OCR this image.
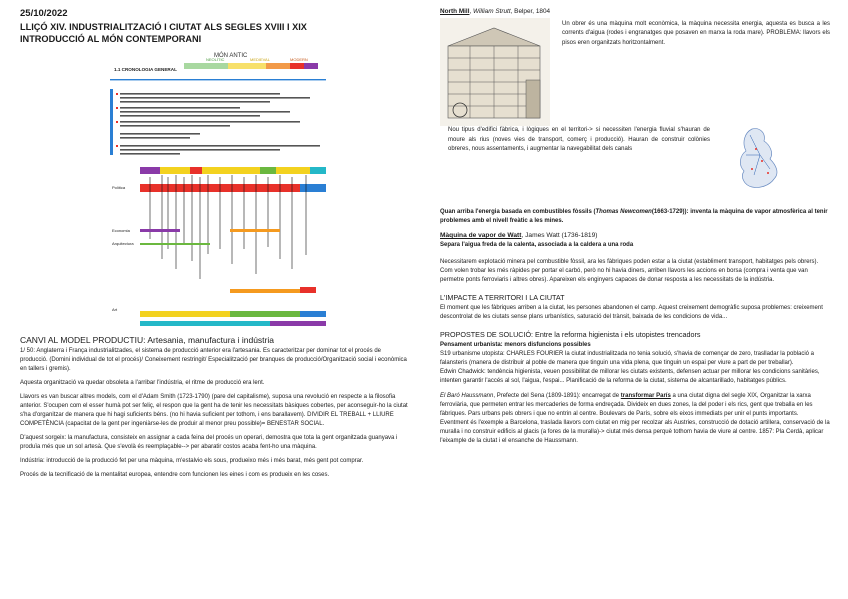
25/10/2022
LLIÇÓ XIV. INDUSTRIALITZACIÓ I CIUTAT ALS SEGLES XVIII I XIX
INTRODUCCIÓ AL MÓN CONTEMPORANI
MÓN ANTIC
NEOLÍTIC	MEDIEVAL	MODERN
1.1 CRONOLOGIA GENERAL
Política
Economia
Arquitectura
Art
CANVI AL MODEL PRODUCTIU: Artesania, manufactura i indústria

1/ 50: Anglaterra i França industrialitzades, el sistema de producció anterior era l'artesania. Es caracteritzar per dominar tot el procés de producció. (Domini individual de tot el procés)/ Coneixement restringit/ Especialització per branques de producció/Organització social i econòmica en tallers i gremis).

Aquesta organització va quedar obsoleta a l'arribar l'indústria, el ritme de producció era lent.

Llavors es van buscar altres models, com el d'Adam Smith (1723-1790) (pare del capitalisme), suposa una revolució en respecte a la filosofia anterior. S'ocupen com el esser humà pot ser feliç, el respon que la gent ha de tenir les necessitats bàsiques cobertes, per aconseguir-ho la ciutat s'ha d'organitzar de manera que hi hagi suficients béns. (no hi havia suficient per tothom, i ens barallavem). DIVIDIR EL TREBALL + LLIURE COMPETÈNCIA (capacitat de la gent per ingeniàrse-les de produir al menor preu possible)= BENESTAR SOCIAL.

D'aquest sorgeix: la manufactura, consisteix en assignar a cada feina del procés un operari, demostra que tota la gent organitzada guanyava i produïa més que un sol artesà. Que s'evolà és reemplaçable--> per abaratir costos acaba fent-ho una màquina.

Indústria: introducció de la producció fet per una màquina, m'estalvio els sous, produeixo més i més barat, més gent pot comprar.

Procés de la tecnificació de la mentalitat europea, entendre com funcionen les eines i com es produeix en les coses.

North Mill, William Strutt, Belper, 1804
Un obrer és una màquina molt econòmica, la màquina necessita energia, aquesta es busca a les corrents d'aigua (rodes i engranatges que posaven en marxa la roda mare). PROBLEMA: llavors els pisos eren organitzats horitzontalment.
Nou tipus d'edifici fàbrica, i lògiques en el territori-> si necessiten l'energia fluvial s'hauran de moure als rius (noves vies de transport, comerç i producció). Hauran de construir colònies obreres, nous assentaments, i augmentar la navegabilitat dels canals

Quan arriba l'energia basada en combustibles fòssils (Thomas Newcomen(1663-1729)): inventa la màquina de vapor atmosfèrica al tenir problemes amb el nivell freàtic a les mines.

Màquina de vapor de Watt, James Watt (1736-1819)

Separa l'aigua freda de la calenta, associada a la caldera a una roda

Necessitarem explotació minera pel combustible fòssil, ara les fàbriques poden estar a la ciutat (establiment transport, habitatges pels obrers). Com volen trobar les més ràpides per portar el carbó, però no hi havia diners, arriben llavors les accions en borsa (compra i venta que van permetre ponts ferroviaris i altres obres). Apareixen els enginyers capaces de donar resposta a les necessitats de la indústria.

L'IMPACTE A TERRITORI I LA CIUTAT

El moment que les fàbriques arriben a la ciutat, les persones abandonen el camp. Aquest creixement demogràfic suposa problemes: creixement descontrolat de les ciutats sense plans urbanístics, saturació del trànsit, baixada de les condicions de vida...

PROPOSTES DE SOLUCIÓ: Entre la reforma higienista i els utopistes trencadors

Pensament urbanista: menors disfuncions possibles

S19 urbanisme utopista: CHARLES FOURIER la ciutat industrialitzada no tenia solució, s'havia de començar de zero, traslladar la població a falansteris (manera de distribuir al poble de manera que tinguin una vida plena, que tinguin un espai per viure a part de per treballar).

Edwin Chadwick: tendència higienista, veuen possibilitat de millorar les ciutats existents, defensen actuar per millorar les condicions sanitàries, intenten garantir l'accés al sol, l'aigua, l'espai... Planificació de la reforma de la ciutat, sistema de alcantarillado, habitatges públics.

El Baró Haussmann, Prefecte del Sena (1809-1891): encarregat de transformar París a una ciutat digna del segle XIX, Organitzar la xarxa ferroviària, que permeten entrar les mercaderies de forma endreçada. Divideix en dues zones, la del poder i els rics, gent que treballa en les fàbriques. Pars urbans pels obrers i que no entrin al centre. Boulevars de París, sobre els eixos immediats per unir el punts importants.

Eventment és l'exemple a Barcelona, traslada llavors com ciutat en mig per recolzar als Austries, construcció de dotació artillera, conservació de la muralla i no construir edificis al glacis (a fores de la muralla)-> ciutat més densa perquè tothom havia de viure al centre. 1857: Pla Cerdà, aplicar l'eixample de la ciutat i el ensanche de Haussmann.
